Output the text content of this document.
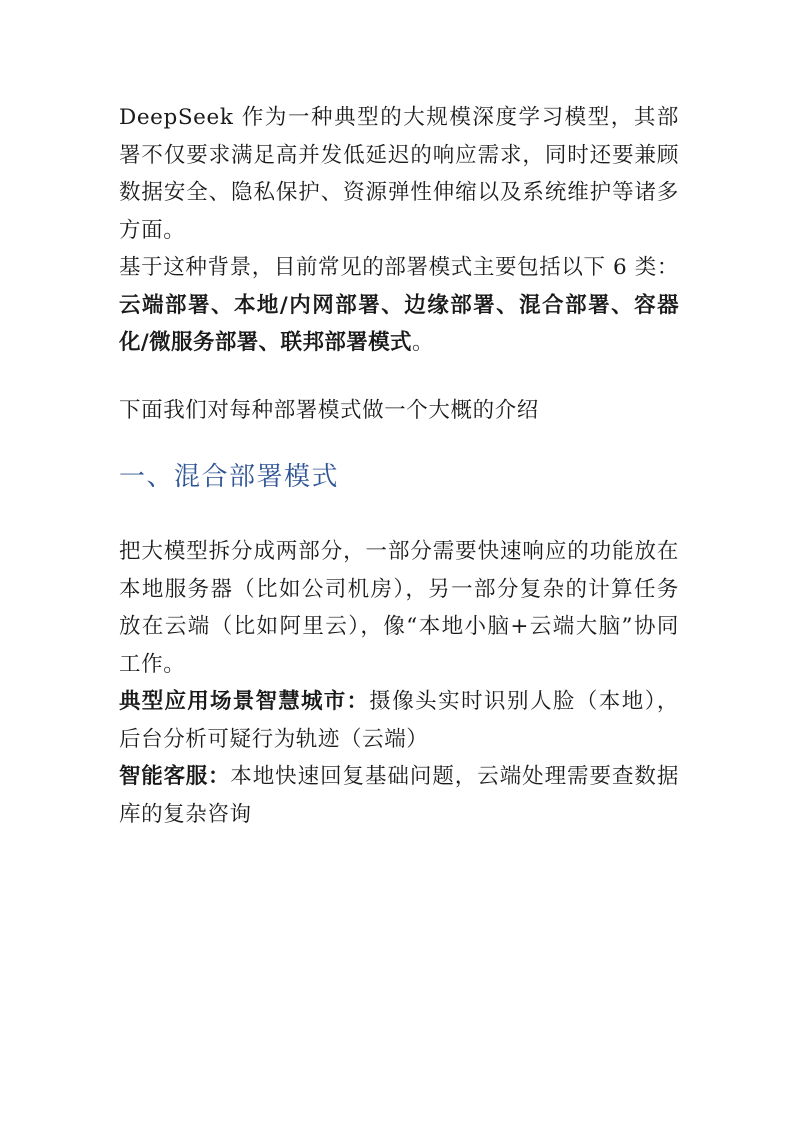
DeepSeek 作为一种典型的大规模深度学习模型，其部署不仅要求满足高并发低延迟的响应需求，同时还要兼顾数据安全、隐私保护、资源弹性伸缩以及系统维护等诸多方面。

基于这种背景，目前常见的部署模式主要包括以下 6 类：云端部署、本地/内网部署、边缘部署、混合部署、容器化/微服务部署、联邦部署模式。

下面我们对每种部署模式做一个大概的介绍

一、混合部署模式

把大模型拆分成两部分，一部分需要快速响应的功能放在本地服务器（比如公司机房），另一部分复杂的计算任务放在云端（比如阿里云），像“本地小脑+云端大脑”协同工作。

典型应用场景智慧城市：摄像头实时识别人脸（本地），后台分析可疑行为轨迹（云端）

智能客服：本地快速回复基础问题，云端处理需要查数据库的复杂咨询
